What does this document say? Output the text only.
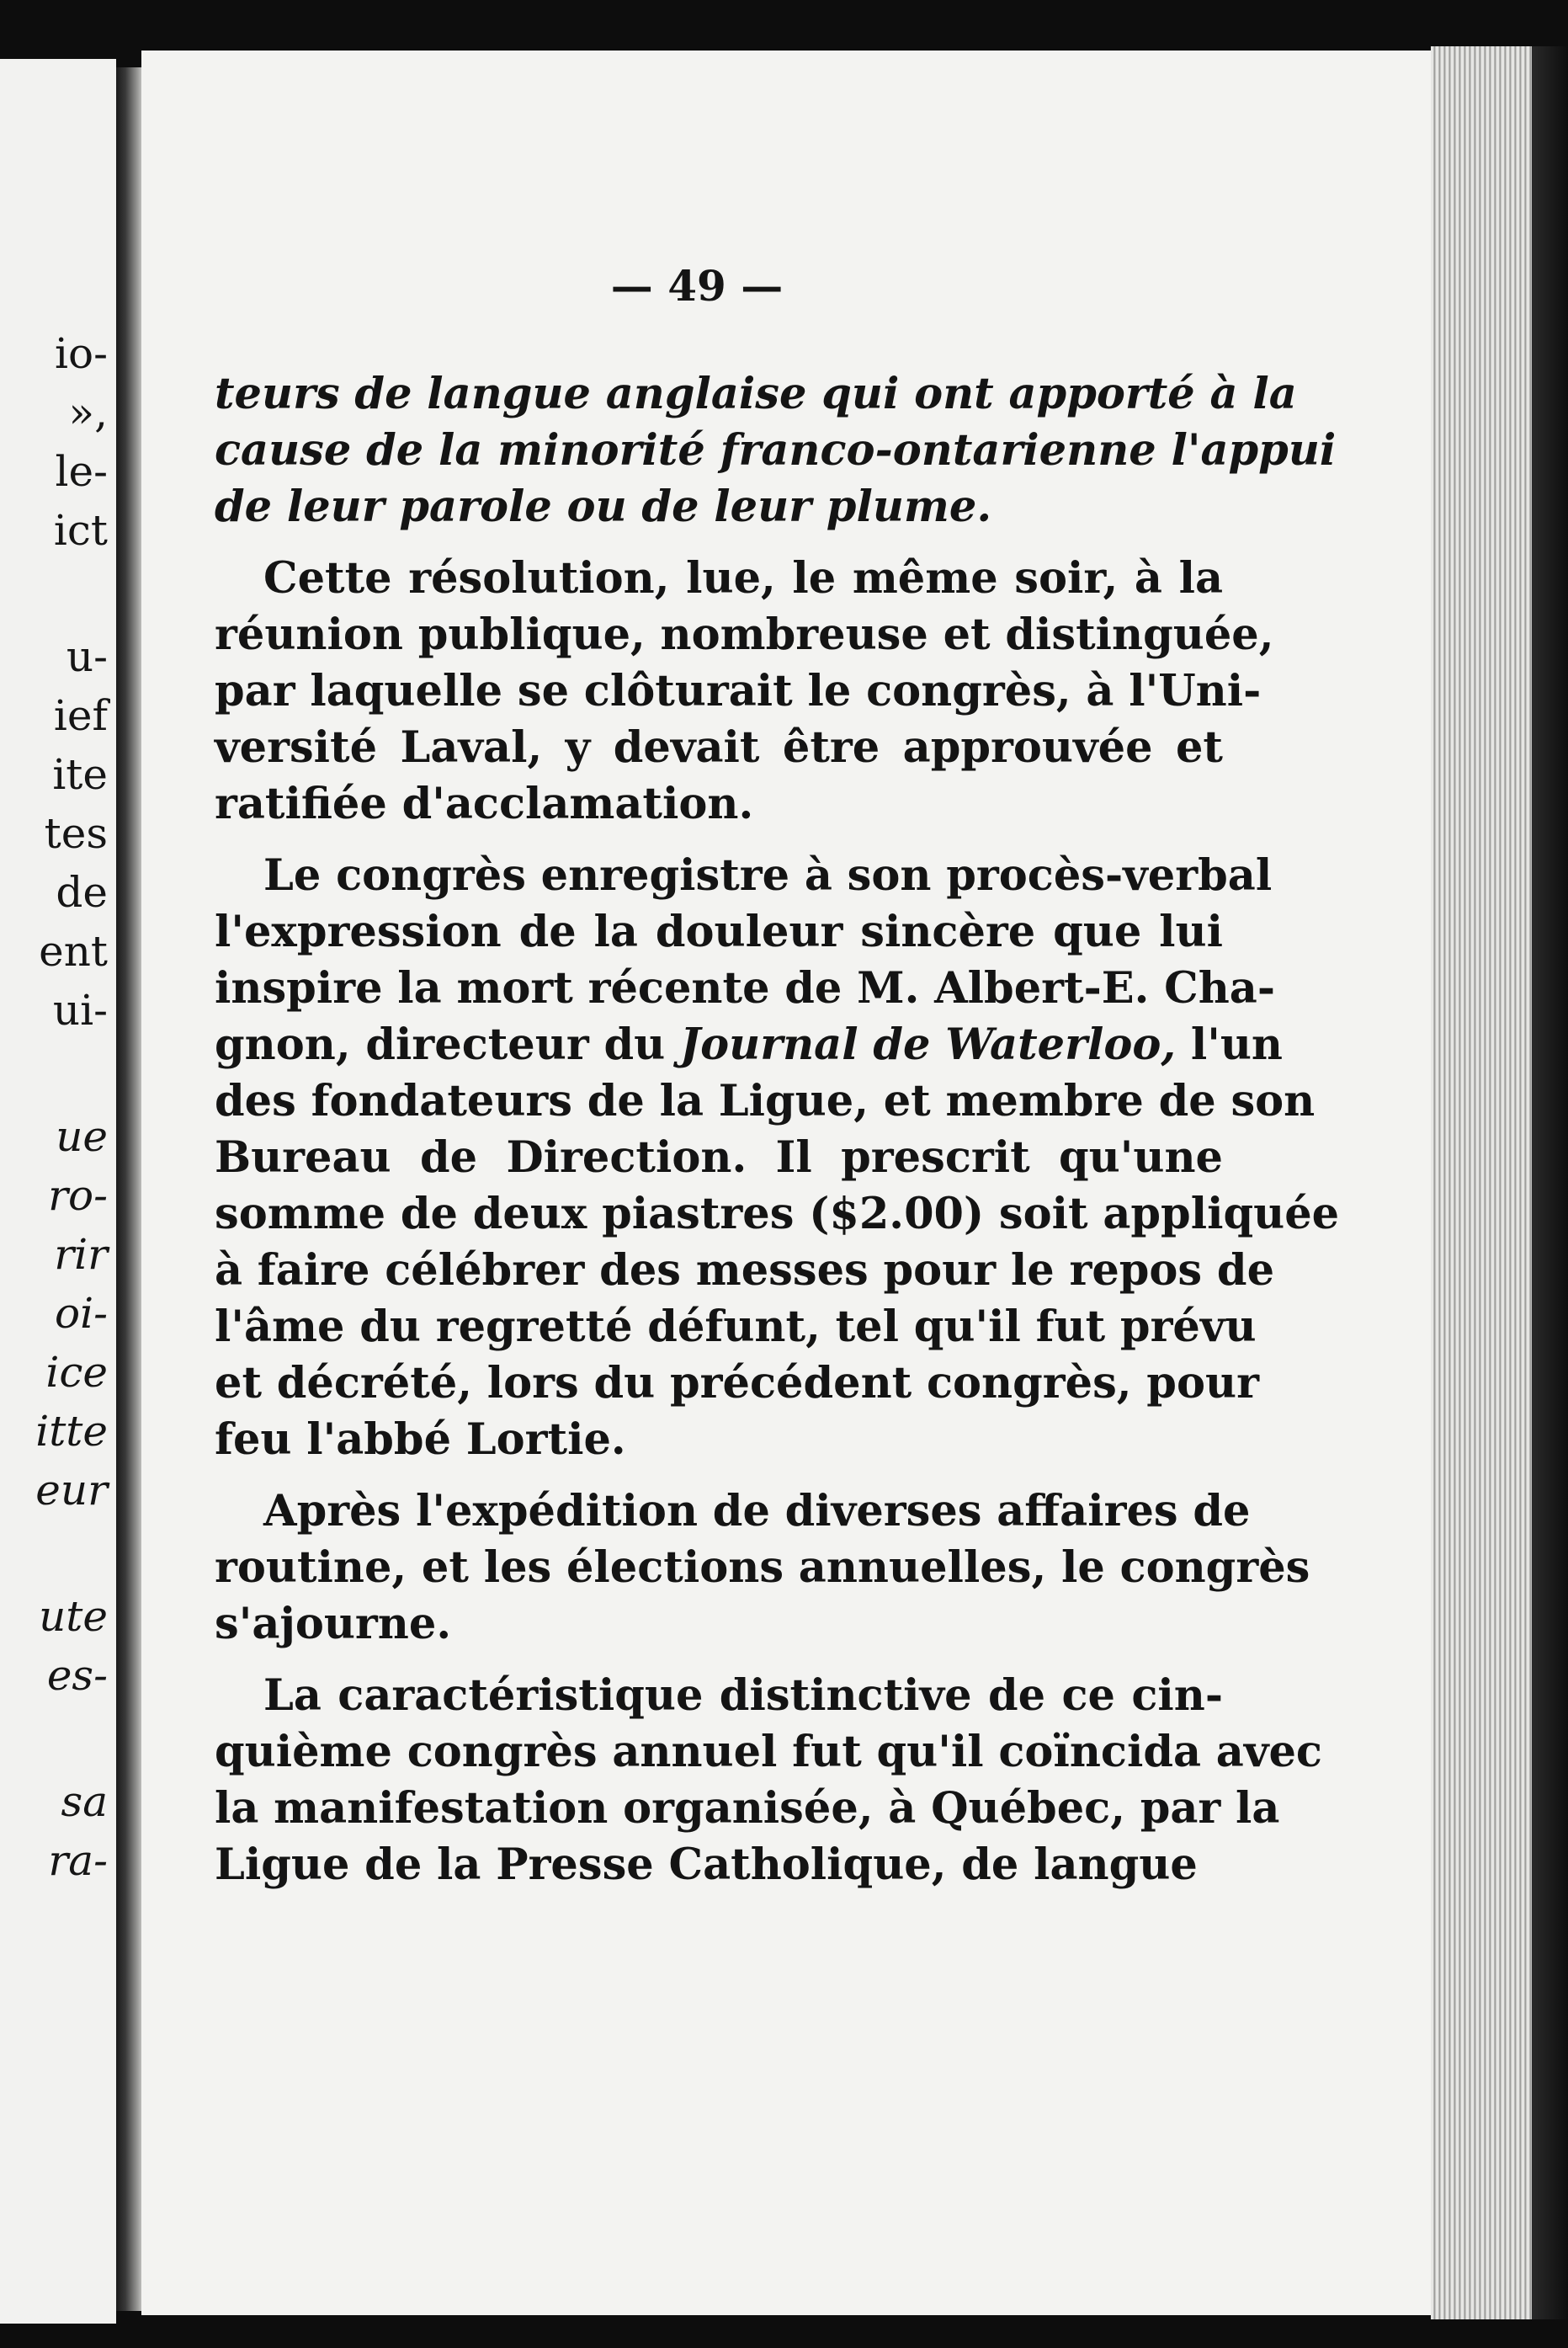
io-
»,
le-
ict
u-
ief
ite
tes
de
ent
ui-
ue
ro-
rir
oi-
ice
itte
eur
ute
es-
sa
ra-
— 49 —
teurs de langue anglaise qui ont apporté à la
cause de la minorité franco-ontarienne l'appui
de leur parole ou de leur plume.
Cette résolution, lue, le même soir, à la
réunion publique, nombreuse et distinguée,
par laquelle se clôturait le congrès, à l'Uni-
versité Laval, y devait être approuvée et
ratifiée d'acclamation.
Le congrès enregistre à son procès-verbal
l'expression de la douleur sincère que lui
inspire la mort récente de M. Albert-E. Cha-
gnon, directeur du Journal de Waterloo, l'un
des fondateurs de la Ligue, et membre de son
Bureau de Direction. Il prescrit qu'une
somme de deux piastres ($2.00) soit appliquée
à faire célébrer des messes pour le repos de
l'âme du regretté défunt, tel qu'il fut prévu
et décrété, lors du précédent congrès, pour
feu l'abbé Lortie.
Après l'expédition de diverses affaires de
routine, et les élections annuelles, le congrès
s'ajourne.
La caractéristique distinctive de ce cin-
quième congrès annuel fut qu'il coïncida avec
la manifestation organisée, à Québec, par la
Ligue de la Presse Catholique, de langue
